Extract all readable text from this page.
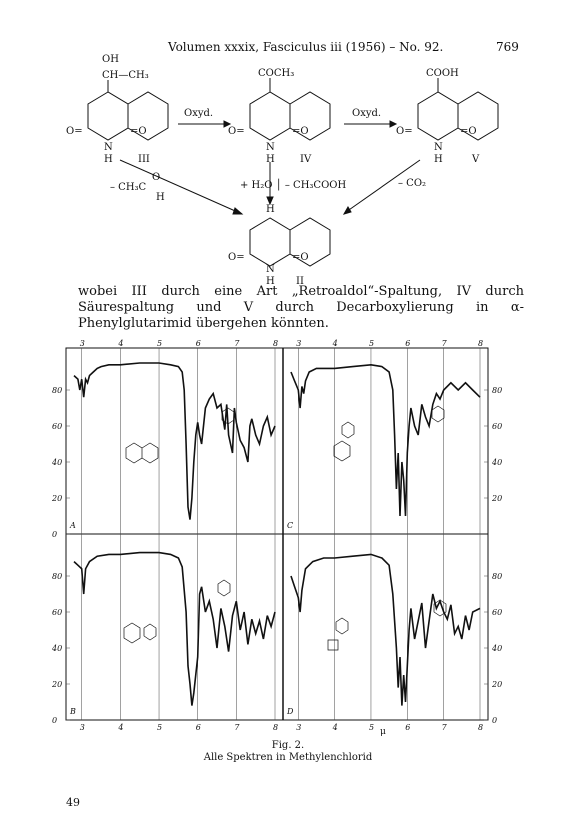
Volumen xxxix, Fasciculus iii (1956) – No. 92.	769
OH
CH—CH₃
O=	=O
N
H	III
Oxyd.	Oxyd.
COCH₃
O=	=O
N
H	IV
COOH
O=	=O
N
H	V
– CH₃C
O
H
+ H₂O │ – CH₃COOH	– CO₂
H
O=	=O
N
H II

wobei III durch eine Art „Retroaldol“-Spaltung, IV durch Säurespaltung und V durch Decarboxylierung in α-Phenylglutarimid übergehen könnten.

3	4	5	6	7	8
0
20
40
60
80
A
3	4	5	6	7	8
20
40
60
80
C
3	4	5	6	7	8
0
20
40
60
80
B
3	4	5	6	7	8
0
20
40
60
80
D
μ
Fig. 2.
Alle Spektren in Methylenchlorid
49
